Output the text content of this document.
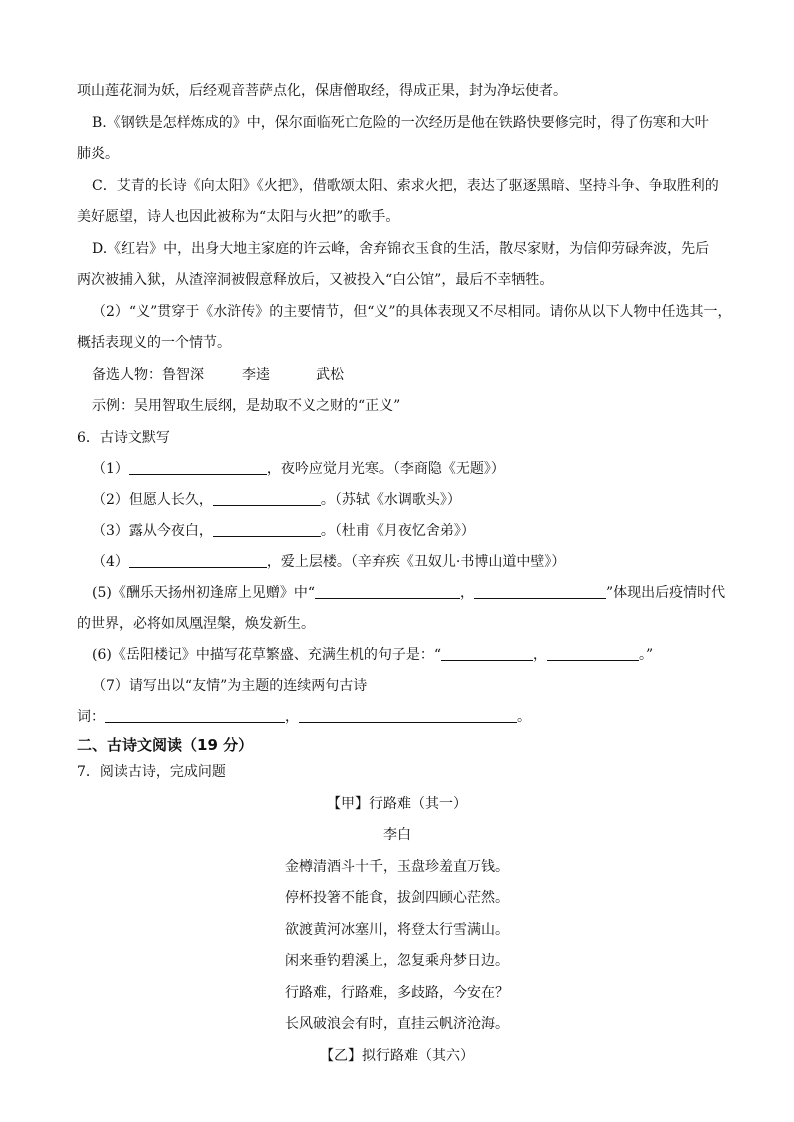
项山莲花洞为妖，后经观音菩萨点化，保唐僧取经，得成正果，封为净坛使者。
B.《钢铁是怎样炼成的》中，保尔面临死亡危险的一次经历是他在铁路快要修完时，得了伤寒和大叶
肺炎。
C．艾青的长诗《向太阳》《火把》，借歌颂太阳、索求火把，表达了驱逐黑暗、坚持斗争、争取胜利的
美好愿望，诗人也因此被称为“太阳与火把”的歌手。
D.《红岩》中，出身大地主家庭的许云峰，舍弃锦衣玉食的生活，散尽家财，为信仰劳碌奔波，先后
两次被捕入狱，从渣滓洞被假意释放后，又被投入“白公馆”，最后不幸牺牲。
（2）“义”贯穿于《水浒传》的主要情节，但“义”的具体表现又不尽相同。请你从以下人物中任选其一，
概括表现义的一个情节。
备选人物：鲁智深	李逵	武松
示例：吴用智取生辰纲，是劫取不义之财的“正义”
6．古诗文默写
（1）	，夜吟应觉月光寒。（李商隐《无题》）
（2）但愿人长久，	。（苏轼《水调歌头》）
（3）露从今夜白，	。（杜甫《月夜忆舍弟》）
（4）	，爱上层楼。（辛弃疾《丑奴儿·书博山道中壁》）
(5)《酬乐天扬州初逢席上见赠》中“	，	”体现出后疫情时代
的世界，必将如凤凰涅槃，焕发新生。
(6)《岳阳楼记》中描写花草繁盛、充满生机的句子是：“	，	。”
（7）请写出以“友情”为主题的连续两句古诗
词：	，	。
二、古诗文阅读（19 分）
7．阅读古诗，完成问题
【甲】行路难（其一）
李白
金樽清酒斗十千，玉盘珍羞直万钱。
停杯投箸不能食，拔剑四顾心茫然。
欲渡黄河冰塞川，将登太行雪满山。
闲来垂钓碧溪上，忽复乘舟梦日边。
行路难，行路难，多歧路，今安在？
长风破浪会有时，直挂云帆济沧海。
【乙】拟行路难（其六）
